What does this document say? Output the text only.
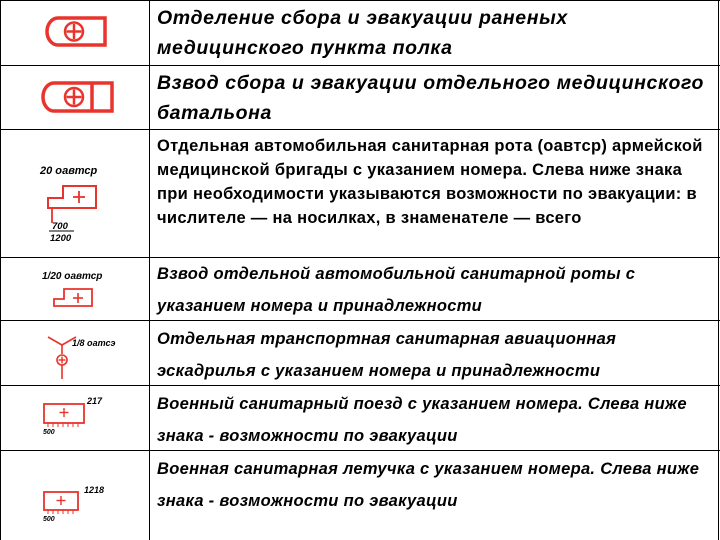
Отделение сбора и эвакуации раненых медицинского пункта полка
Взвод сбора и эвакуации отдельного медицинского батальона
20 оавтср
700
1200
Отдельная автомобильная санитарная рота (оавтср) армейской медицинской бригады с указанием номера. Слева ниже знака при необходимости указываются возможности по эвакуации: в числителе — на носилках, в знаменателе — всего
1/20 оавтср	Взвод отдельной автомобильной санитарной роты с указанием номера и принадлежности
1/8 оатсэ	Отдельная транспортная санитарная авиационная эскадрилья с указанием номера и принадлежности
217
500
Военный санитарный поезд с указанием номера. Слева ниже знака - возможности по эвакуации
1218
500
Военная санитарная летучка с указанием номера. Слева ниже знака - возможности по эвакуации
